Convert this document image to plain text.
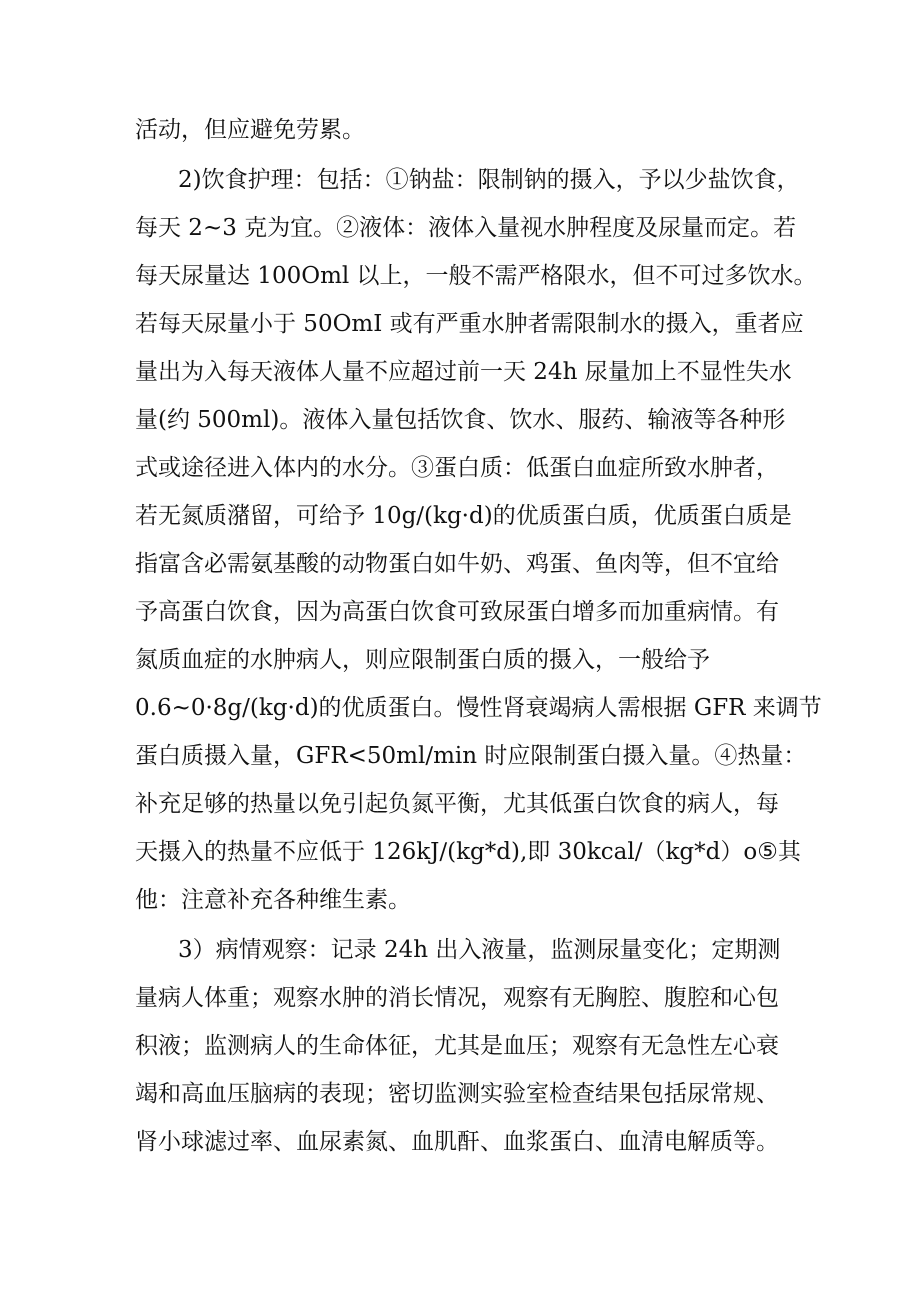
活动，但应避免劳累。
2)饮食护理：包括：①钠盐：限制钠的摄入，予以少盐饮食，
每天 2~3 克为宜。②液体：液体入量视水肿程度及尿量而定。若
每天尿量达 100Oml 以上，一般不需严格限水，但不可过多饮水。
若每天尿量小于 50OmI 或有严重水肿者需限制水的摄入，重者应
量出为入每天液体人量不应超过前一天 24h 尿量加上不显性失水
量(约 500ml)。液体入量包括饮食、饮水、服药、输液等各种形
式或途径进入体内的水分。③蛋白质：低蛋白血症所致水肿者，
若无氮质潴留，可给予 10g∕(kg·d)的优质蛋白质，优质蛋白质是
指富含必需氨基酸的动物蛋白如牛奶、鸡蛋、鱼肉等，但不宜给
予高蛋白饮食，因为高蛋白饮食可致尿蛋白增多而加重病情。有
氮质血症的水肿病人，则应限制蛋白质的摄入，一般给予
0.6~0·8g/(kg·d)的优质蛋白。慢性肾衰竭病人需根据 GFR 来调节
蛋白质摄入量，GFR<50ml∕min 时应限制蛋白摄入量。④热量：
补充足够的热量以免引起负氮平衡，尤其低蛋白饮食的病人，每
天摄入的热量不应低于 126kJ∕(kg*d),即 30kcal∕（kg*d）o⑤其
他：注意补充各种维生素。
3）病情观察：记录 24h 出入液量，监测尿量变化；定期测
量病人体重；观察水肿的消长情况，观察有无胸腔、腹腔和心包
积液；监测病人的生命体征，尤其是血压；观察有无急性左心衰
竭和高血压脑病的表现；密切监测实验室检查结果包括尿常规、
肾小球滤过率、血尿素氮、血肌酐、血浆蛋白、血清电解质等。
